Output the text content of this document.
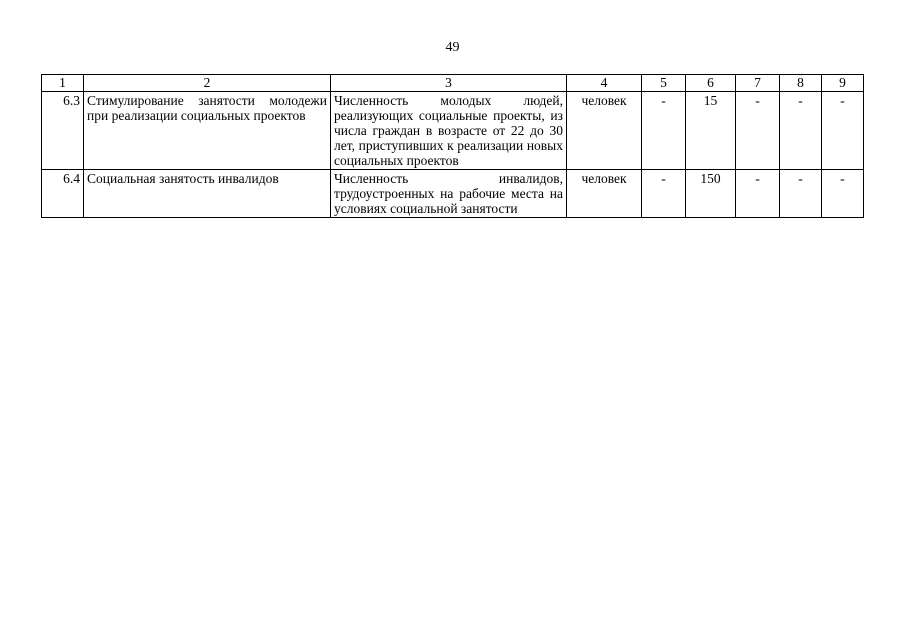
49
1	2	3	4	5	6	7	8	9
6.3	Стимулирование занятости молодежи при реализации социальных проектов	Численность молодых людей, реализующих социальные проекты, из числа граждан в возрасте от 22 до 30 лет, приступивших к реализации новых социальных проектов	человек	-	15	-	-	-
6.4	Социальная занятость инвалидов	Численность инвалидов, трудоустроенных на рабочие места на условиях социальной занятости	человек	-	150	-	-	-
